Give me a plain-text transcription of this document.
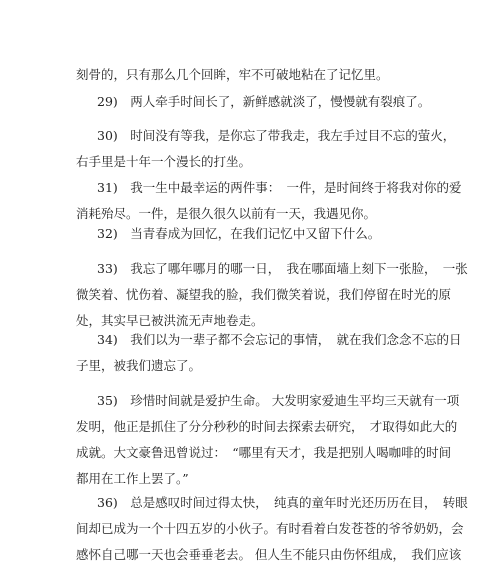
刻骨的，只有那么几个回眸，牢不可破地粘在了记忆里。

29)　两人牵手时间长了，新鲜感就淡了，慢慢就有裂痕了。

30)　时间没有等我，是你忘了带我走，我左手过目不忘的萤火，
右手里是十年一个漫长的打坐。

31)　我一生中最幸运的两件事：　一件，是时间终于将我对你的爱
消耗殆尽。一件，是很久很久以前有一天，我遇见你。

32)　当青春成为回忆，在我们记忆中又留下什么。

33)　我忘了哪年哪月的哪一日，　我在哪面墙上刻下一张脸，　一张
微笑着、忧伤着、凝望我的脸，我们微笑着说，我们停留在时光的原
处，其实早已被洪流无声地卷走。

34)　我们以为一辈子都不会忘记的事情，　就在我们念念不忘的日
子里，被我们遗忘了。

35)　珍惜时间就是爱护生命。 大发明家爱迪生平均三天就有一项
发明，他正是抓住了分分秒秒的时间去探索去研究，　才取得如此大的
成就。大文豪鲁迅曾说过：　“哪里有天才，我是把别人喝咖啡的时间
都用在工作上罢了。”

36)　总是感叹时间过得太快，　纯真的童年时光还历历在目，　转眼
间却已成为一个十四五岁的小伙子。有时看着白发苍苍的爷爷奶奶，会
感怀自己哪一天也会垂垂老去。 但人生不能只由伤怀组成，　我们应该
